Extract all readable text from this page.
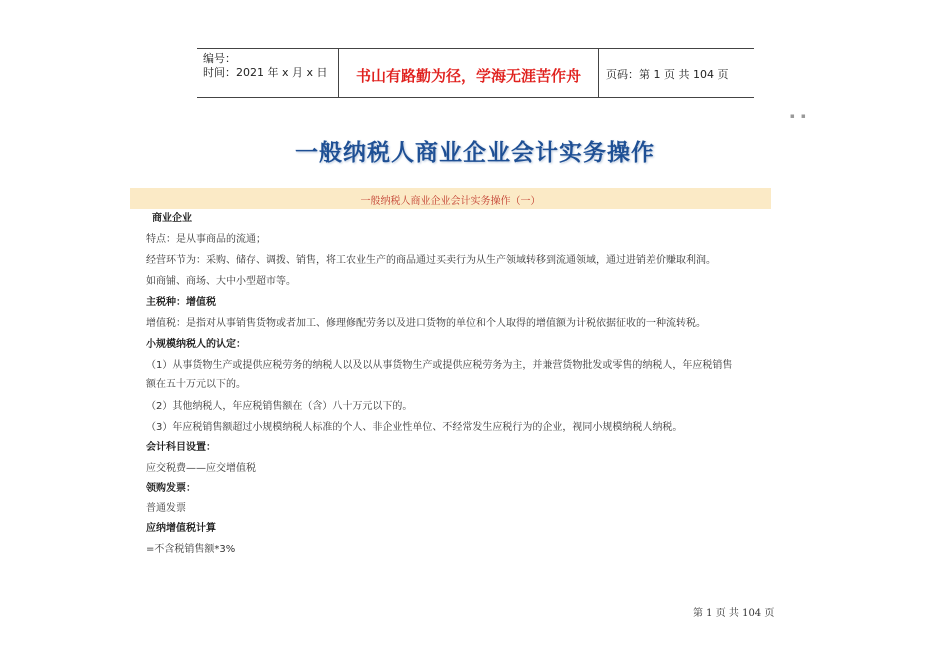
编号：
时间：2021 年 x 月 x 日	书山有路勤为径，学海无涯苦作舟	页码：第 1 页 共 104 页
▪ ▪
一般纳税人商业企业会计实务操作
一般纳税人商业企业会计实务操作（一）
商业企业
特点：是从事商品的流通；
经营环节为：采购、储存、调拨、销售，将工农业生产的商品通过买卖行为从生产领域转移到流通领域，通过进销差价赚取利润。
如商铺、商场、大中小型超市等。
主税种：增值税
增值税：是指对从事销售货物或者加工、修理修配劳务以及进口货物的单位和个人取得的增值额为计税依据征收的一种流转税。
小规模纳税人的认定：
（1）从事货物生产或提供应税劳务的纳税人以及以从事货物生产或提供应税劳务为主，并兼营货物批发或零售的纳税人，年应税销售
额在五十万元以下的。
（2）其他纳税人，年应税销售额在（含）八十万元以下的。
（3）年应税销售额超过小规模纳税人标准的个人、非企业性单位、不经常发生应税行为的企业，视同小规模纳税人纳税。
会计科目设置：
应交税费——应交增值税
领购发票：
普通发票
应纳增值税计算
=不含税销售额*3%
第 1 页 共 104 页
